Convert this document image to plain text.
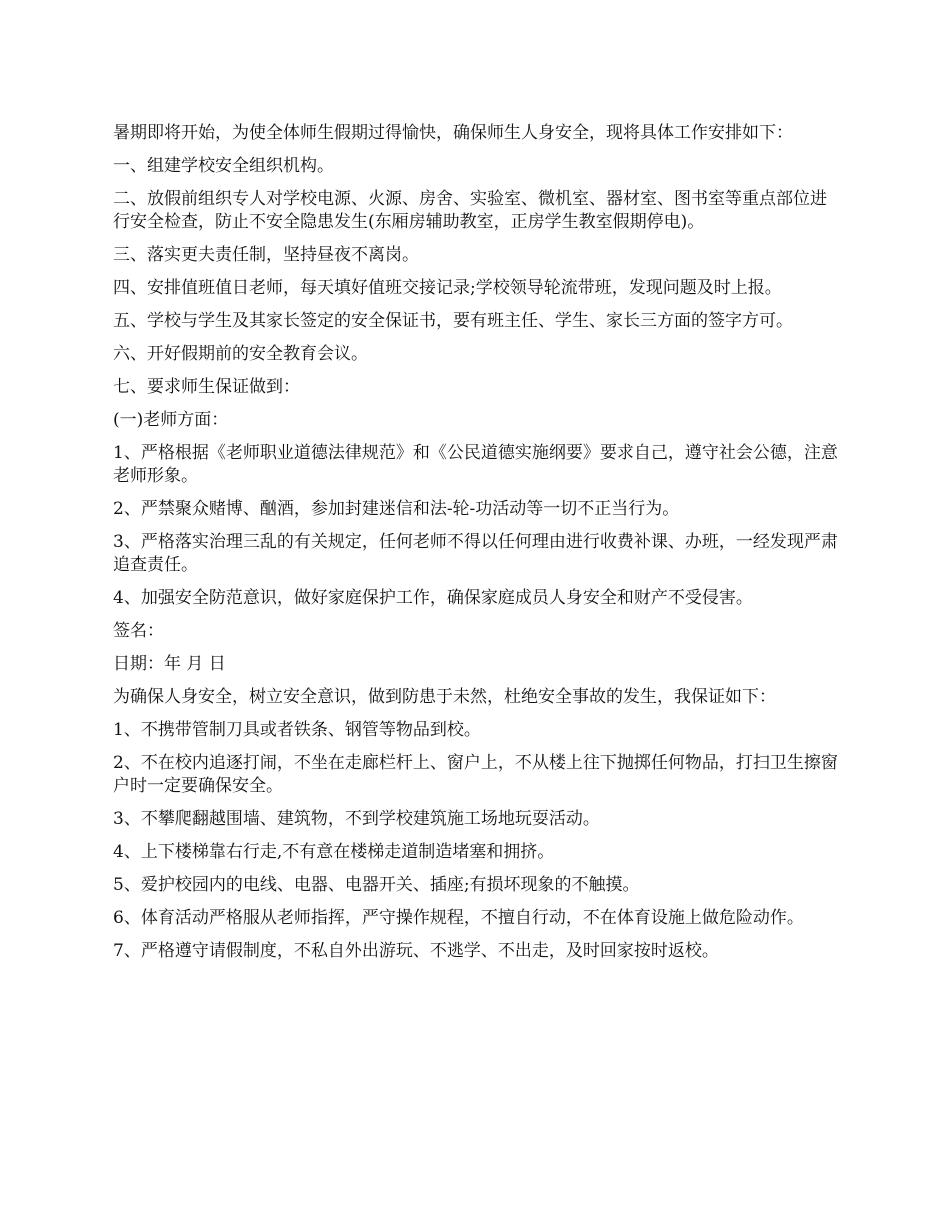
暑期即将开始，为使全体师生假期过得愉快，确保师生人身安全，现将具体工作安排如下：

一、组建学校安全组织机构。

二、放假前组织专人对学校电源、火源、房舍、实验室、微机室、器材室、图书室等重点部位进行安全检查，防止不安全隐患发生(东厢房辅助教室，正房学生教室假期停电)。

三、落实更夫责任制，坚持昼夜不离岗。

四、安排值班值日老师，每天填好值班交接记录;学校领导轮流带班，发现问题及时上报。

五、学校与学生及其家长签定的安全保证书，要有班主任、学生、家长三方面的签字方可。

六、开好假期前的安全教育会议。

七、要求师生保证做到：

(一)老师方面：

1、严格根据《老师职业道德法律规范》和《公民道德实施纲要》要求自己，遵守社会公德，注意老师形象。

2、严禁聚众赌博、酗酒，参加封建迷信和法-轮-功活动等一切不正当行为。

3、严格落实治理三乱的有关规定，任何老师不得以任何理由进行收费补课、办班，一经发现严肃追查责任。

4、加强安全防范意识，做好家庭保护工作，确保家庭成员人身安全和财产不受侵害。

签名：

日期：年 月 日

为确保人身安全，树立安全意识，做到防患于未然，杜绝安全事故的发生，我保证如下：

1、不携带管制刀具或者铁条、钢管等物品到校。

2、不在校内追逐打闹，不坐在走廊栏杆上、窗户上，不从楼上往下抛掷任何物品，打扫卫生擦窗户时一定要确保安全。

3、不攀爬翻越围墙、建筑物，不到学校建筑施工场地玩耍活动。

4、上下楼梯靠右行走,不有意在楼梯走道制造堵塞和拥挤。

5、爱护校园内的电线、电器、电器开关、插座;有损坏现象的不触摸。

6、体育活动严格服从老师指挥，严守操作规程，不擅自行动，不在体育设施上做危险动作。

7、严格遵守请假制度，不私自外出游玩、不逃学、不出走，及时回家按时返校。
